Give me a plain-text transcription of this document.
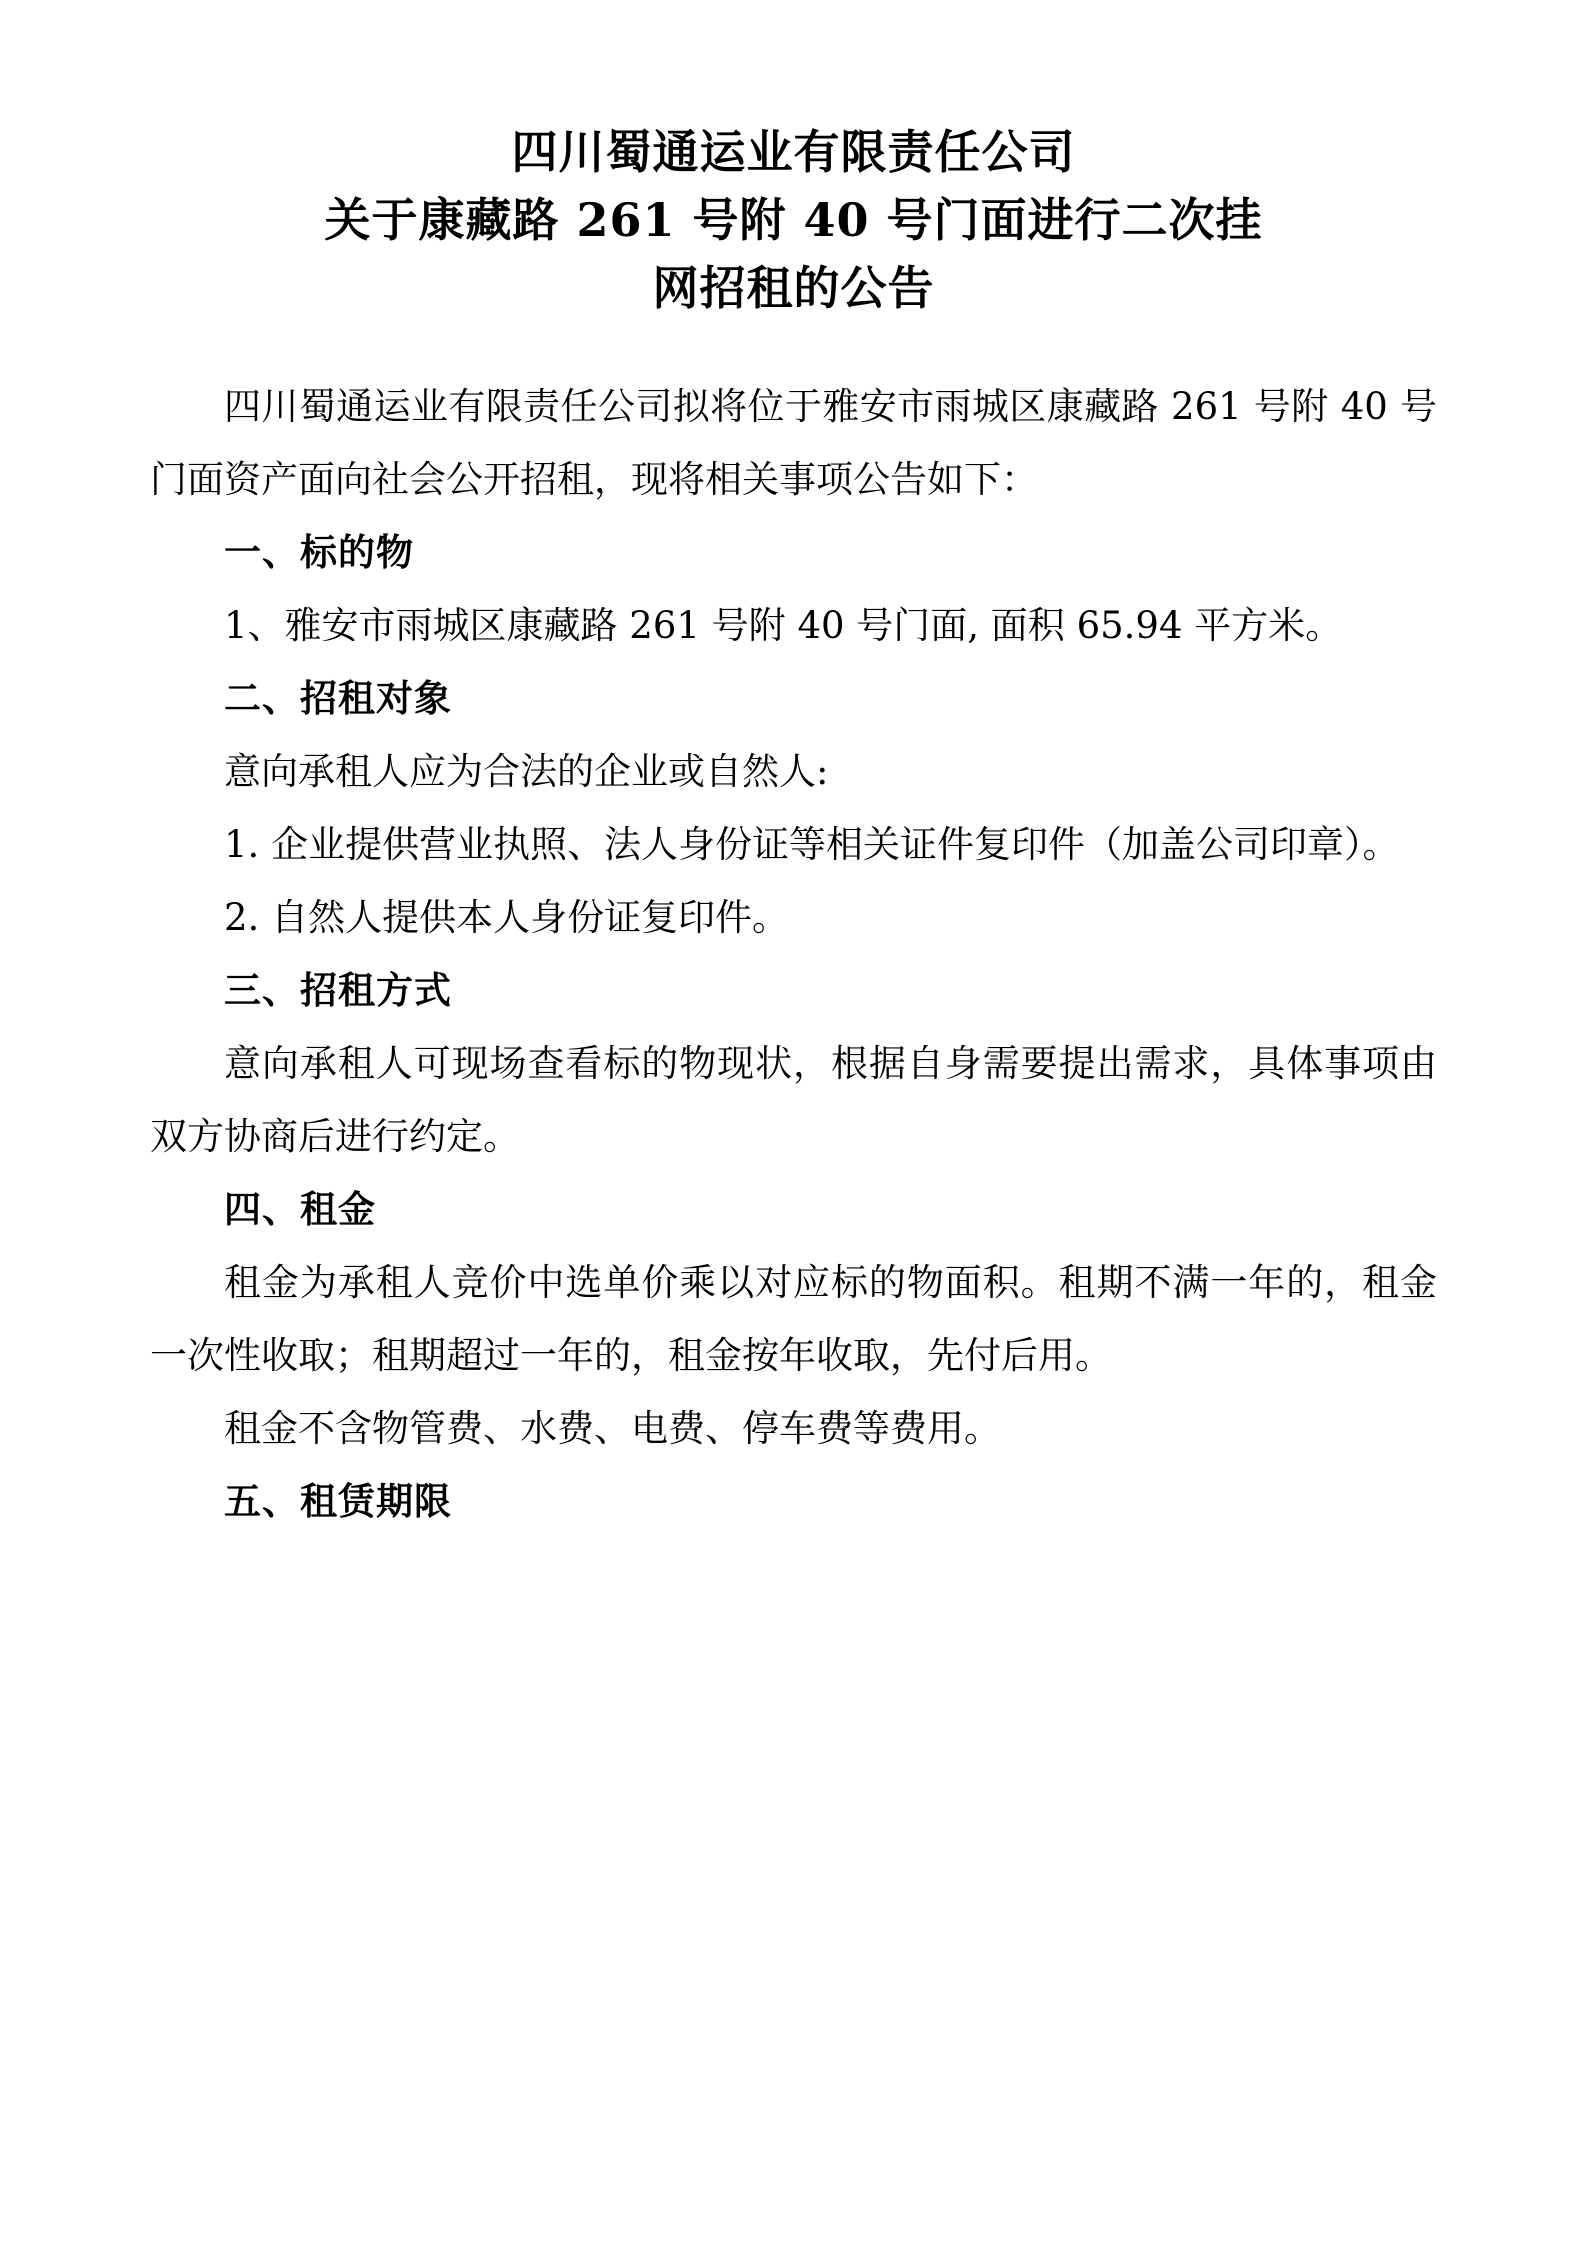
四川蜀通运业有限责任公司
关于康藏路 261 号附 40 号门面进行二次挂
网招租的公告

四川蜀通运业有限责任公司拟将位于雅安市雨城区康藏路 261 号附 40 号门面资产面向社会公开招租，现将相关事项公告如下：

一、标的物

1、雅安市雨城区康藏路 261 号附 40 号门面, 面积 65.94 平方米。

二、招租对象

意向承租人应为合法的企业或自然人:

1. 企业提供营业执照、法人身份证等相关证件复印件（加盖公司印章）。

2. 自然人提供本人身份证复印件。

三、招租方式

意向承租人可现场查看标的物现状，根据自身需要提出需求，具体事项由双方协商后进行约定。

四、租金

租金为承租人竞价中选单价乘以对应标的物面积。租期不满一年的，租金一次性收取；租期超过一年的，租金按年收取，先付后用。

租金不含物管费、水费、电费、停车费等费用。

五、租赁期限
